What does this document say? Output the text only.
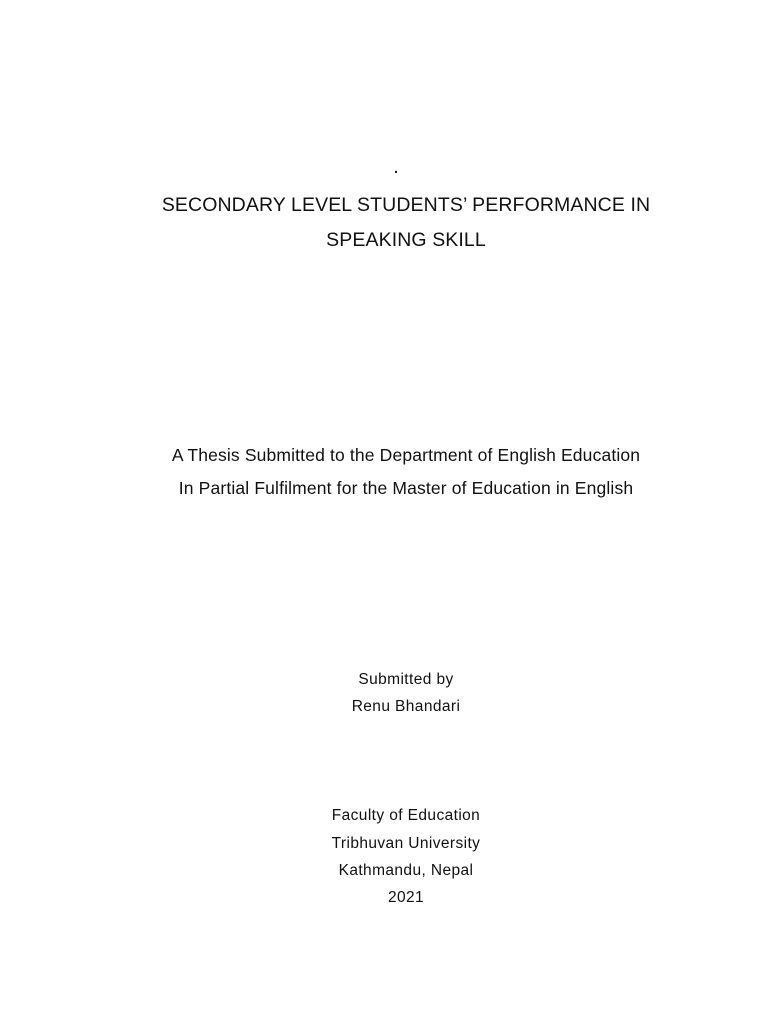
.
SECONDARY LEVEL STUDENTS’ PERFORMANCE IN
SPEAKING SKILL
A Thesis Submitted to the Department of English Education
In Partial Fulfilment for the Master of Education in English
Submitted by
Renu Bhandari
Faculty of Education
Tribhuvan University
Kathmandu, Nepal
2021
